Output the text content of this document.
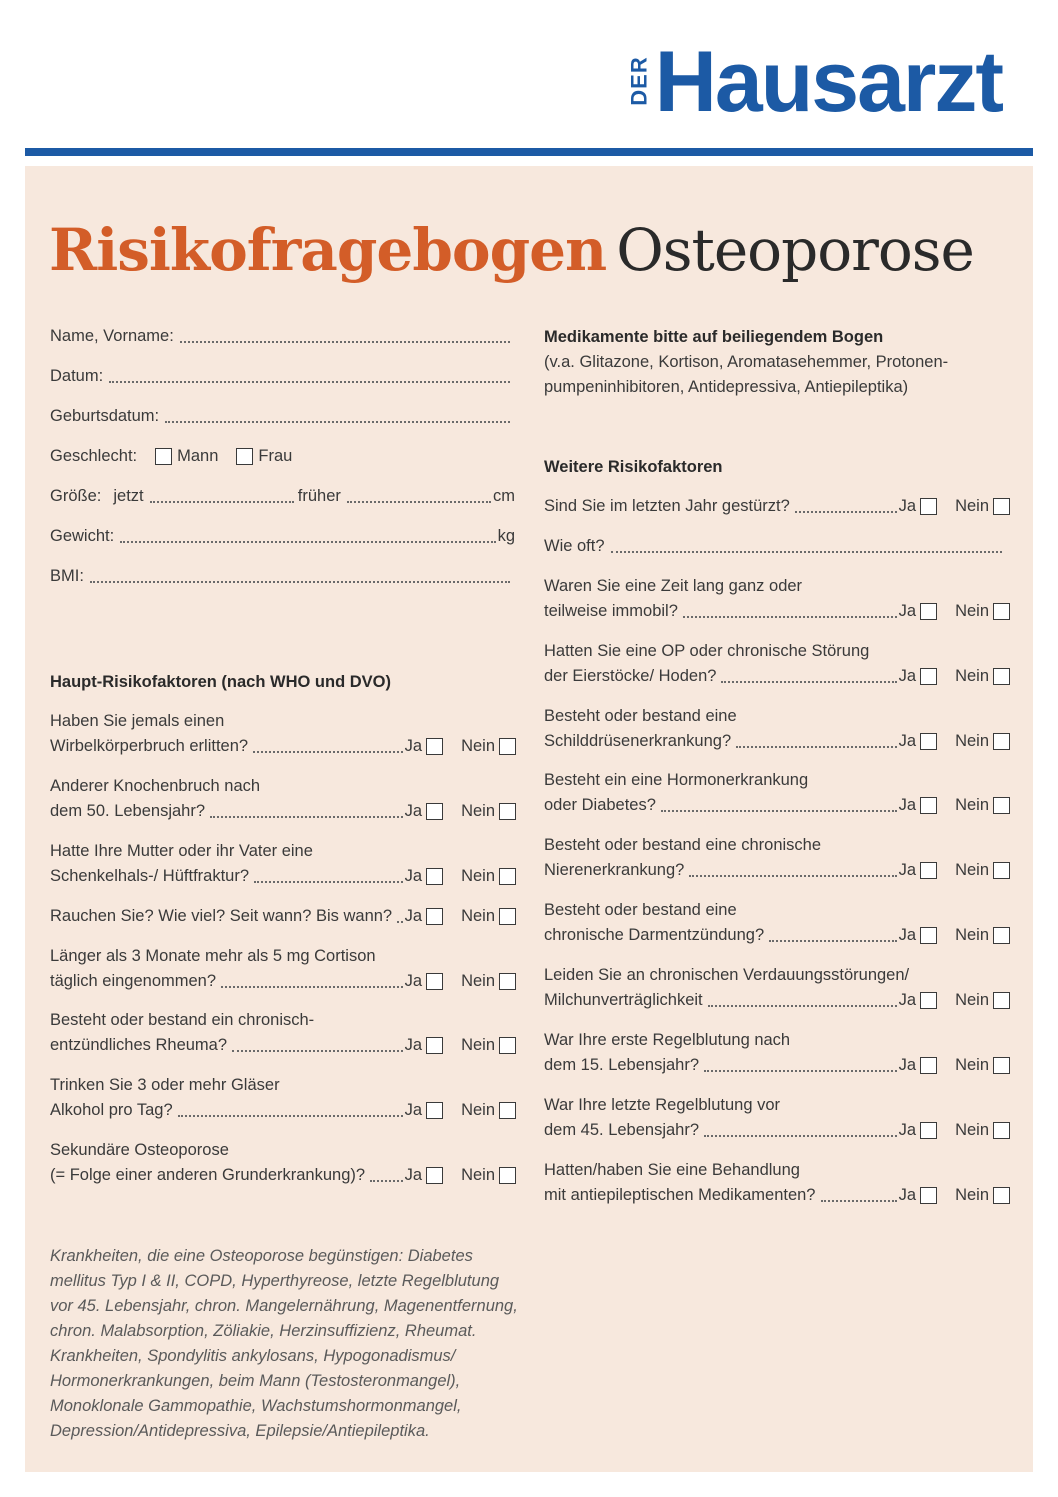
DER Hausarzt
Risikofragebogen Osteoporose
Name, Vorname:
Datum:
Geburtsdatum:
Geschlecht: Mann Frau
Größe: jetzt	früher	cm
Gewicht:	kg
BMI:
Haupt-Risikofaktoren (nach WHO und DVO)
Haben Sie jemals einen
Wirbelkörperbruch erlitten?	Ja Nein
Anderer Knochenbruch nach
dem 50. Lebensjahr?	Ja Nein
Hatte Ihre Mutter oder ihr Vater eine
Schenkelhals-/ Hüftfraktur?	Ja Nein
Rauchen Sie? Wie viel? Seit wann? Bis wann? Ja Nein
Länger als 3 Monate mehr als 5 mg Cortison
täglich eingenommen?	Ja Nein
Besteht oder bestand ein chronisch-
entzündliches Rheuma?	Ja Nein
Trinken Sie 3 oder mehr Gläser
Alkohol pro Tag?	Ja Nein
Sekundäre Osteoporose
(= Folge einer anderen Grunderkrankung)? Ja Nein
Krankheiten, die eine Osteoporose begünstigen: Diabetes mellitus Typ I & II, COPD, Hyperthyreose, letzte Regelblutung vor 45. Lebensjahr, chron. Mangelernährung, Magenentfernung, chron. Malabsorption, Zöliakie, Herzinsuffizienz, Rheumat. Krankheiten, Spondylitis ankylosans, Hypogonadismus/ Hormonerkrankungen, beim Mann (Testosteronmangel), Monoklonale Gammopathie, Wachstumshormonmangel, Depression/Antidepressiva, Epilepsie/Antiepileptika.
Medikamente bitte auf beiliegendem Bogen
(v.a. Glitazone, Kortison, Aromatasehemmer, Protonen-pumpeninhibitoren, Antidepressiva, Antiepileptika)
Weitere Risikofaktoren
Wie oft?
Sind Sie im letzten Jahr gestürzt?	Ja Nein
Waren Sie eine Zeit lang ganz oder
teilweise immobil?	Ja Nein
Hatten Sie eine OP oder chronische Störung
der Eierstöcke/ Hoden?	Ja Nein
Besteht oder bestand eine
Schilddrüsenerkrankung?	Ja Nein
Besteht ein eine Hormonerkrankung
oder Diabetes?	Ja Nein
Besteht oder bestand eine chronische
Nierenerkrankung?	Ja Nein
Besteht oder bestand eine
chronische Darmentzündung?	Ja Nein
Leiden Sie an chronischen Verdauungsstörungen/
Milchunverträglichkeit	Ja Nein
War Ihre erste Regelblutung nach
dem 15. Lebensjahr?	Ja Nein
War Ihre letzte Regelblutung vor
dem 45. Lebensjahr?	Ja Nein
Hatten/haben Sie eine Behandlung
mit antiepileptischen Medikamenten?	Ja Nein
